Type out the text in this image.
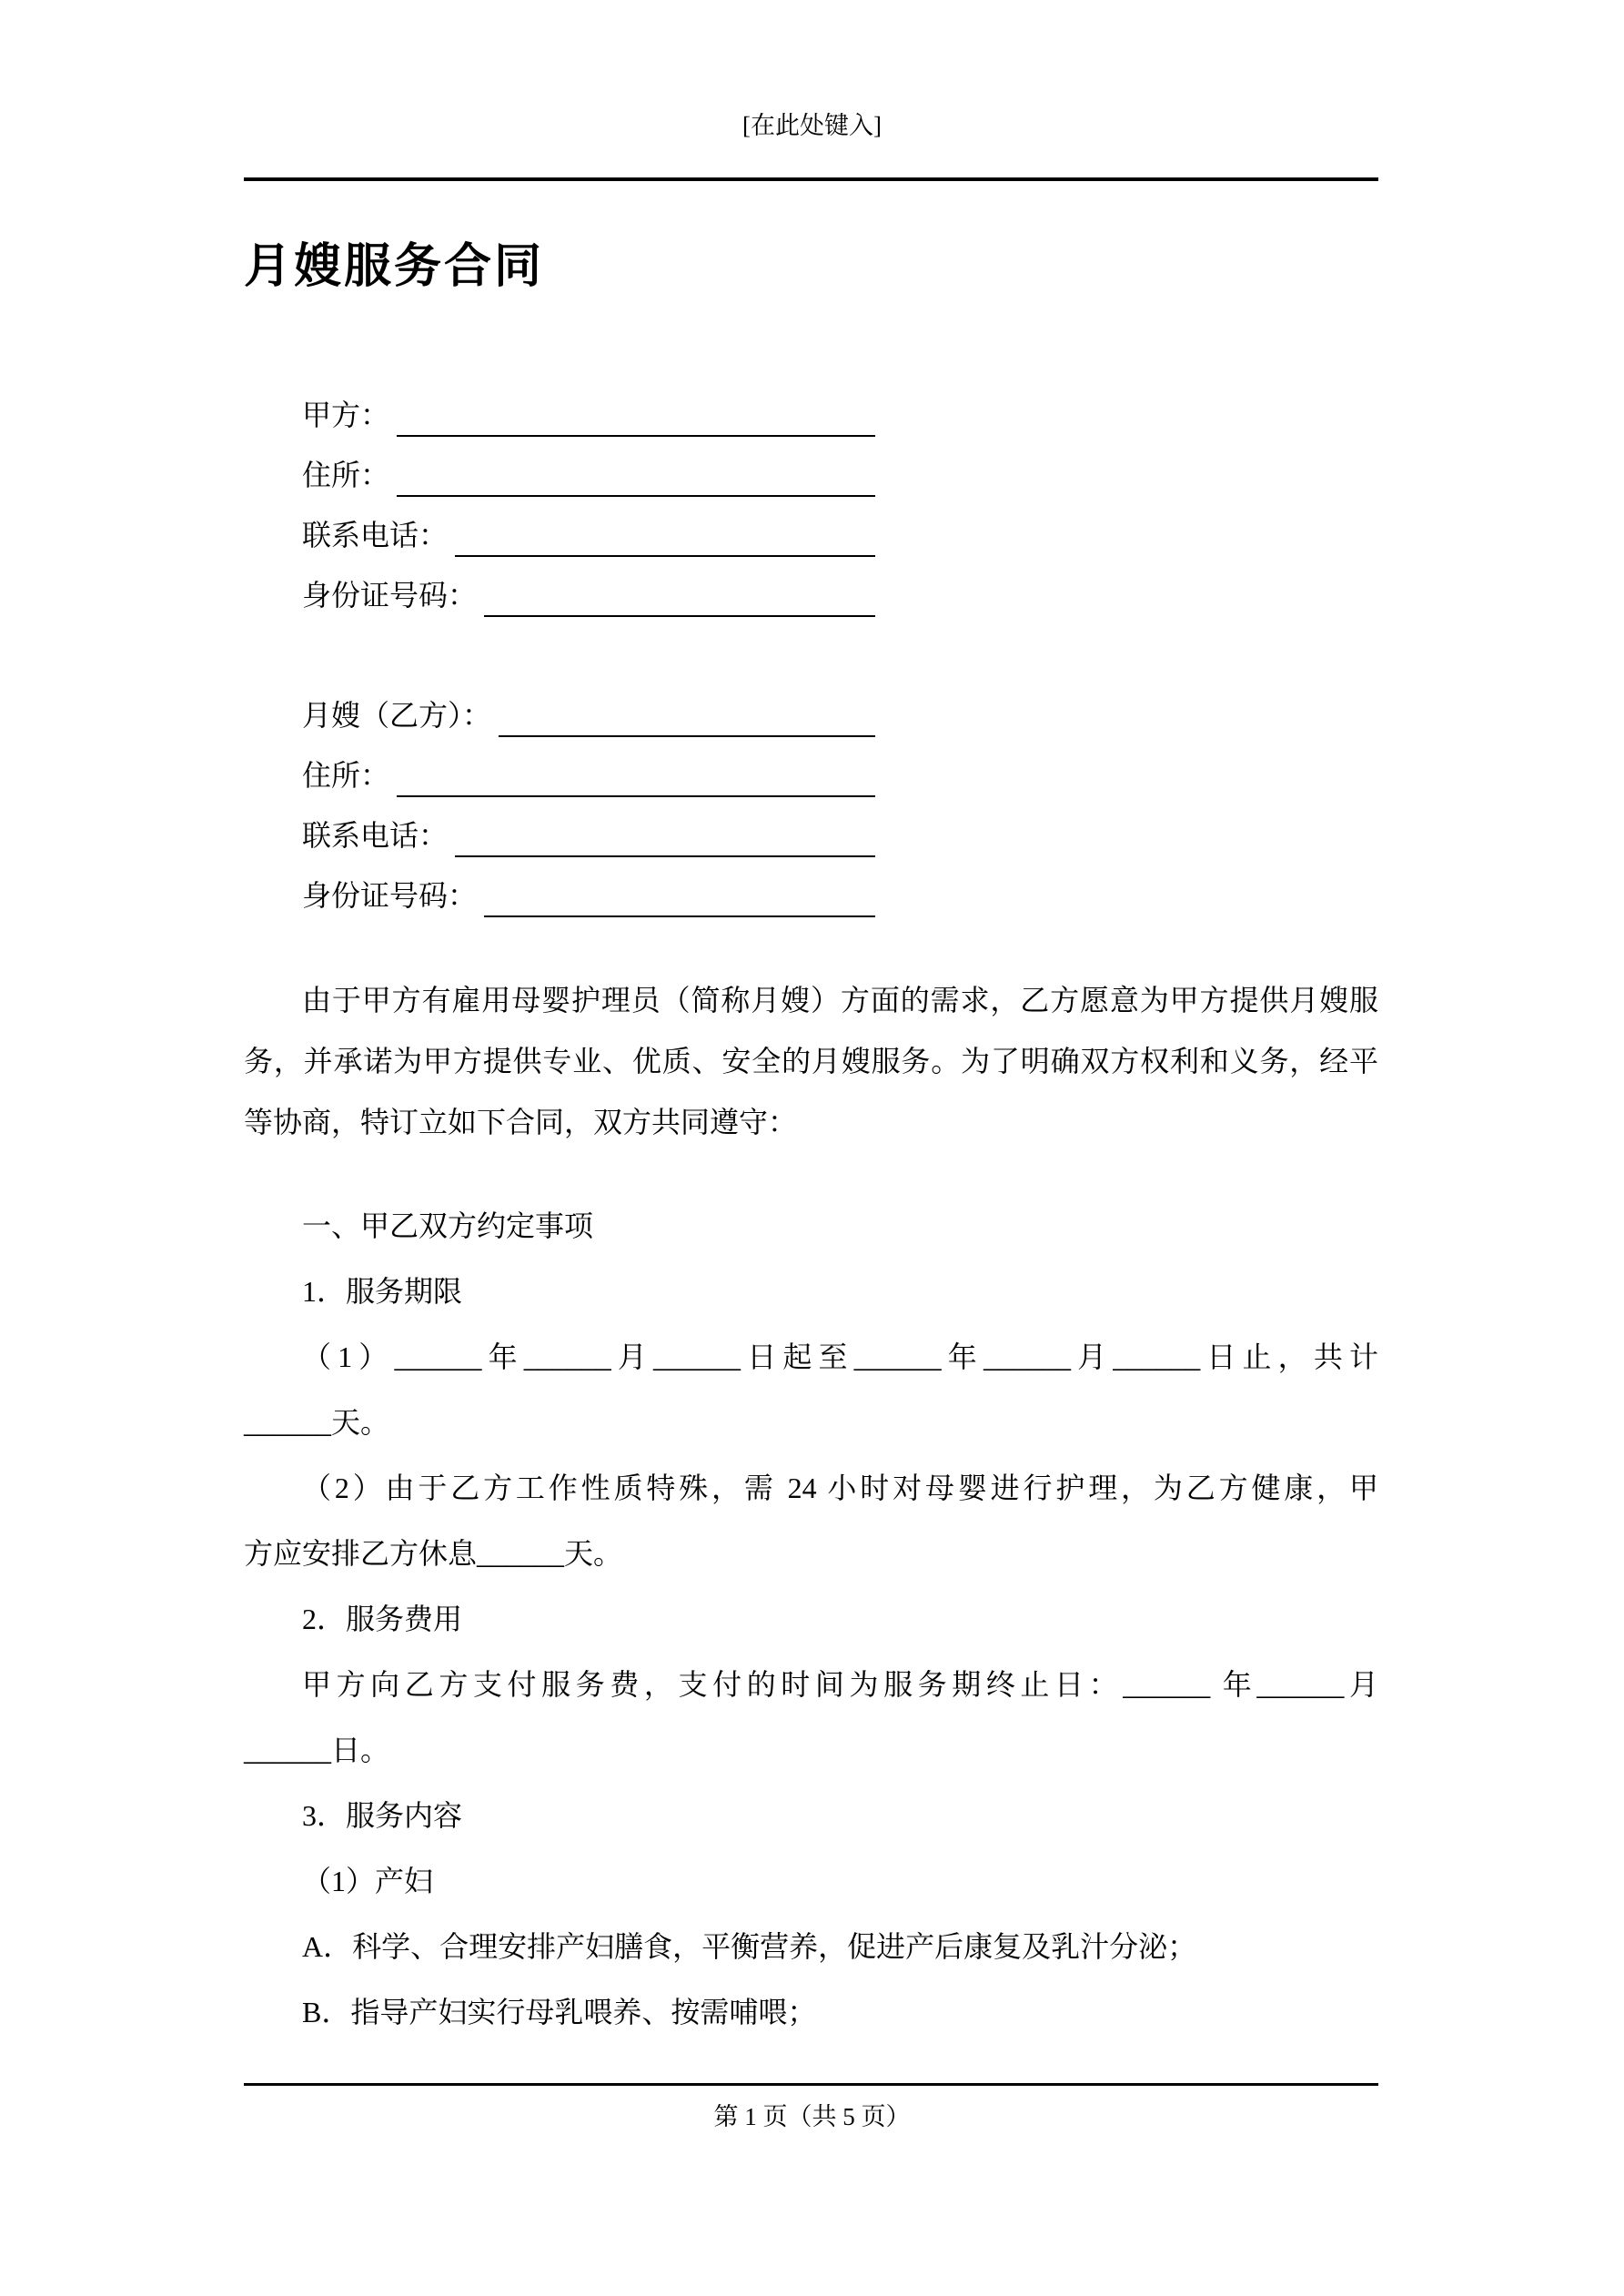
[在此处键入]
月嫂服务合同
甲方：
住所：
联系电话：
身份证号码：
月嫂（乙方）：
住所：
联系电话：
身份证号码：
由于甲方有雇用母婴护理员（简称月嫂）方面的需求，乙方愿意为甲方提供月嫂服务，并承诺为甲方提供专业、优质、安全的月嫂服务。为了明确双方权利和义务，经平等协商，特订立如下合同，双方共同遵守：
一、甲乙双方约定事项
1．服务期限
（1）______年______月______日起至______年______月______日止，共计
______天。
（2）由于乙方工作性质特殊，需 24 小时对母婴进行护理，为乙方健康，甲
方应安排乙方休息______天。
2．服务费用
甲方向乙方支付服务费，支付的时间为服务期终止日：______ 年______月
______日。
3．服务内容
（1）产妇
A．科学、合理安排产妇膳食，平衡营养，促进产后康复及乳汁分泌；
B．指导产妇实行母乳喂养、按需哺喂；
第 1 页（共 5 页）
